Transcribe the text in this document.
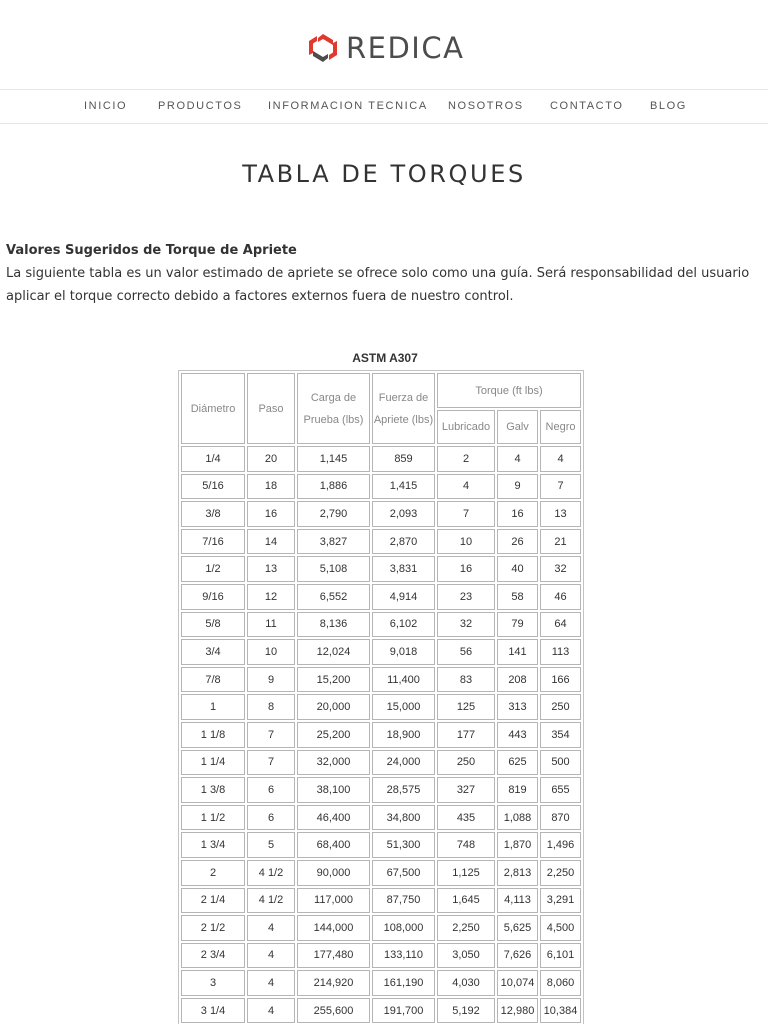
REDICA
INICIO	PRODUCTOS INFORMACION TECNICA NOSOTROS CONTACTO BLOG
TABLA DE TORQUES
Valores Sugeridos de Torque de Apriete
La siguiente tabla es un valor estimado de apriete se ofrece solo como una guía. Será responsabilidad del usuario aplicar el torque correcto debido a factores externos fuera de nuestro control.
ASTM A307
Diámetro	Paso	Carga de Prueba (lbs)	Fuerza de Apriete (lbs)	Torque (ft lbs)		
				Lubricado	Galv	Negro
1/4	20	1,145	859	2	4	4
5/16	18	1,886	1,415	4	9	7
3/8	16	2,790	2,093	7	16	13
7/16	14	3,827	2,870	10	26	21
1/2	13	5,108	3,831	16	40	32
9/16	12	6,552	4,914	23	58	46
5/8	11	8,136	6,102	32	79	64
3/4	10	12,024	9,018	56	141	113
7/8	9	15,200	11,400	83	208	166
1	8	20,000	15,000	125	313	250
1 1/8	7	25,200	18,900	177	443	354
1 1/4	7	32,000	24,000	250	625	500
1 3/8	6	38,100	28,575	327	819	655
1 1/2	6	46,400	34,800	435	1,088	870
1 3/4	5	68,400	51,300	748	1,870	1,496
2	4 1/2	90,000	67,500	1,125	2,813	2,250
2 1/4	4 1/2	117,000	87,750	1,645	4,113	3,291
2 1/2	4	144,000	108,000	2,250	5,625	4,500
2 3/4	4	177,480	133,110	3,050	7,626	6,101
3	4	214,920	161,190	4,030	10,074	8,060
3 1/4	4	255,600	191,700	5,192	12,980	10,384
